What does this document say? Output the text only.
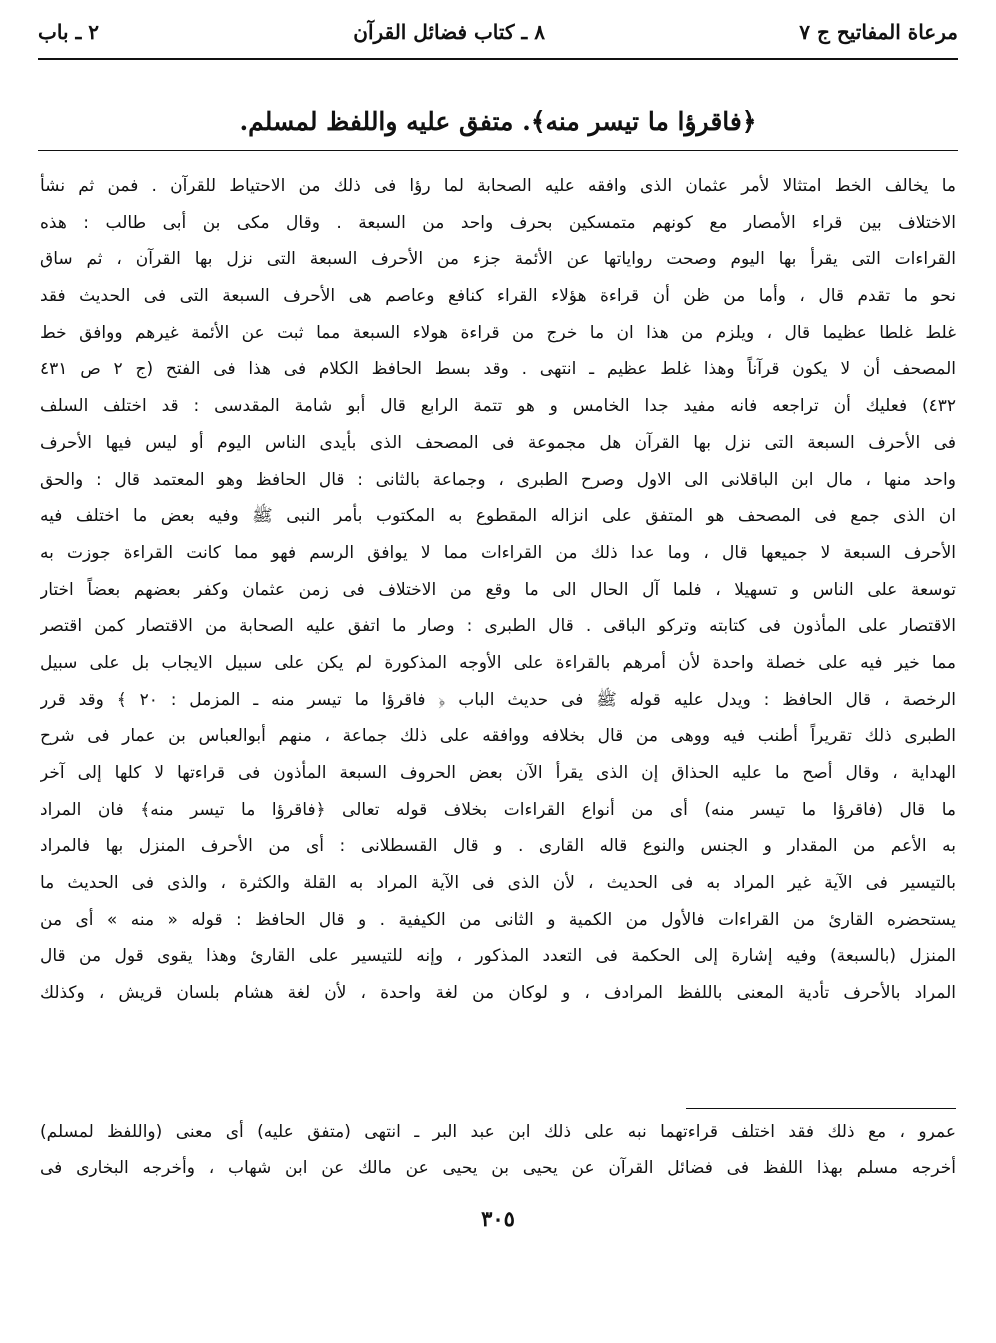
مرعاة المفاتيح ج ٧
٨ ـ كتاب فضائل القرآن
٢ ـ باب
﴿فاقرؤا ما تيسر منه﴾. متفق عليه واللفظ لمسلم.
ما يخالف الخط امتثالا لأمر عثمان الذى وافقه عليه الصحابة لما رؤا فى ذلك من الاحتياط للقرآن . فمن ثم نشأ
الاختلاف بين قراء الأمصار مع كونهم متمسكين بحرف واحد من السبعة . وقال مكى بن أبى طالب : هذه
القراءات التى يقرأ بها اليوم وصحت رواياتها عن الأئمة جزء من الأحرف السبعة التى نزل بها القرآن ، ثم ساق
نحو ما تقدم قال ، وأما من ظن أن قراءة هؤلاء القراء كنافع وعاصم هى الأحرف السبعة التى فى الحديث فقد
غلط غلطا عظيما قال ، ويلزم من هذا ان ما خرج من قراءة هولاء السبعة مما ثبت عن الأئمة غيرهم ووافق خط
المصحف أن لا يكون قرآناً وهذا غلط عظيم ـ انتهى . وقد بسط الحافظ الكلام فى هذا فى الفتح (ج ٢ ص ٤٣١
٤٣٢) فعليك أن تراجعه فانه مفيد جدا الخامس و هو تتمة الرابع قال أبو شامة المقدسى : قد اختلف السلف
فى الأحرف السبعة التى نزل بها القرآن هل مجموعة فى المصحف الذى بأيدى الناس اليوم أو ليس فيها الأحرف
واحد منها ، مال ابن الباقلانى الى الاول وصرح الطبرى ، وجماعة بالثانى : قال الحافظ وهو المعتمد قال : والحق
ان الذى جمع فى المصحف هو المتفق على انزاله المقطوع به المكتوب بأمر النبى ﷺ وفيه بعض ما اختلف فيه
الأحرف السبعة لا جميعها قال ، وما عدا ذلك من القراءات مما لا يوافق الرسم فهو مما كانت القراءة جوزت به
توسعة على الناس و تسهيلا ، فلما آل الحال الى ما وقع من الاختلاف فى زمن عثمان وكفر بعضهم بعضاً اختار
الاقتصار على المأذون فى كتابته وتركو الباقى . قال الطبرى : وصار ما اتفق عليه الصحابة من الاقتصار كمن اقتصر
مما خير فيه على خصلة واحدة لأن أمرهم بالقراءة على الأوجه المذكورة لم يكن على سبيل الايجاب بل على سبيل
الرخصة ، قال الحافظ : ويدل عليه قوله ﷺ فى حديث الباب ﴿ فاقرؤا ما تيسر منه ـ المزمل : ٢٠ ﴾ وقد قرر
الطبرى ذلك تقريراً أطنب فيه ووهى من قال بخلافه ووافقه على ذلك جماعة ، منهم أبوالعباس بن عمار فى شرح
الهداية ، وقال أصح ما عليه الحذاق إن الذى يقرأ الآن بعض الحروف السبعة المأذون فى قراءتها لا كلها إلى آخر
ما قال (فاقرؤا ما تيسر منه) أى من أنواع القراءات بخلاف قوله تعالى ﴿فاقرؤا ما تيسر منه﴾ فان المراد
به الأعم من المقدار و الجنس والنوع قاله القارى . و قال القسطلانى : أى من الأحرف المنزل بها فالمراد
بالتيسير فى الآية غير المراد به فى الحديث ، لأن الذى فى الآية المراد به القلة والكثرة ، والذى فى الحديث ما
يستحضره القارئ من القراءات فالأول من الكمية و الثانى من الكيفية . و قال الحافظ : قوله « منه » أى من
المنزل (بالسبعة) وفيه إشارة إلى الحكمة فى التعدد المذكور ، وإنه للتيسير على القارئ وهذا يقوى قول من قال
المراد بالأحرف تأدية المعنى باللفظ المرادف ، و لوكان من لغة واحدة ، لأن لغة هشام بلسان قريش ، وكذلك
عمرو ، مع ذلك فقد اختلف قراءتهما نبه على ذلك ابن عبد البر ـ انتهى (متفق عليه) أى معنى (واللفظ لمسلم)
أخرجه مسلم بهذا اللفظ فى فضائل القرآن عن يحيى بن يحيى عن مالك عن ابن شهاب ، وأخرجه البخارى فى
٣٠٥
